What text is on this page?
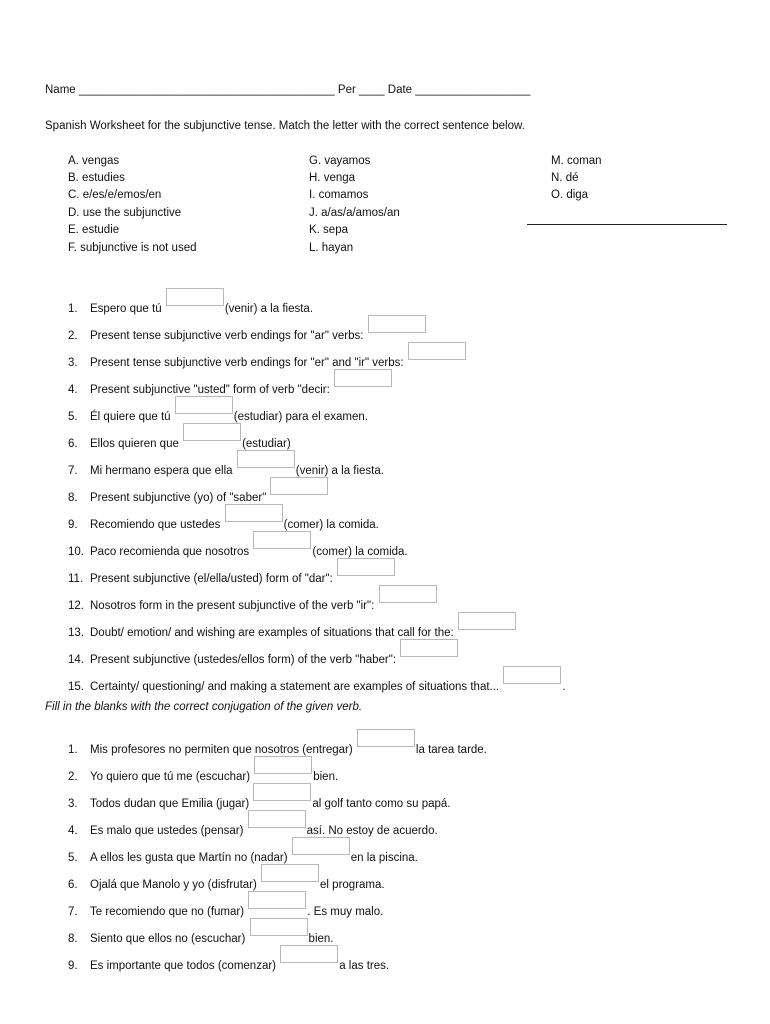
Name ________________________________________ Per ____ Date __________________
Spanish Worksheet for the subjunctive tense. Match the letter with the correct sentence below.
A. vengas
B. estudies
C. e/es/e/emos/en
D. use the subjunctive
E. estudie
F. subjunctive is not used
G. vayamos
H. venga
I. comamos
J. a/as/a/amos/an
K. sepa
L. hayan
M. coman
N. dé
O. diga
1. Espero que tú	(venir) a la fiesta.
2. Present tense subjunctive verb endings for "ar" verbs:
3. Present tense subjunctive verb endings for "er" and "ir" verbs:
4. Present subjunctive "usted" form of verb "decir:
5. Él quiere que tú	(estudiar) para el examen.
6. Ellos quieren que	(estudiar)
7. Mi hermano espera que ella	(venir) a la fiesta.
8. Present subjunctive (yo) of "saber"
9. Recomiendo que ustedes	(comer) la comida.
10. Paco recomienda que nosotros	(comer) la comida.
11. Present subjunctive (el/ella/usted) form of "dar":
12. Nosotros form in the present subjunctive of the verb "ir":
13. Doubt/ emotion/ and wishing are examples of situations that call for the:
14. Present subjunctive (ustedes/ellos form) of the verb "haber":
15. Certainty/ questioning/ and making a statement are examples of situations that...	.
Fill in the blanks with the correct conjugation of the given verb.
1. Mis profesores no permiten que nosotros (entregar)	la tarea tarde.
2. Yo quiero que tú me (escuchar)	bien.
3. Todos dudan que Emilia (jugar)	al golf tanto como su papá.
4. Es malo que ustedes (pensar)	así. No estoy de acuerdo.
5. A ellos les gusta que Martín no (nadar)	en la piscina.
6. Ojalá que Manolo y yo (disfrutar)	el programa.
7. Te recomiendo que no (fumar)	. Es muy malo.
8. Siento que ellos no (escuchar)	bien.
9. Es importante que todos (comenzar)	a las tres.
